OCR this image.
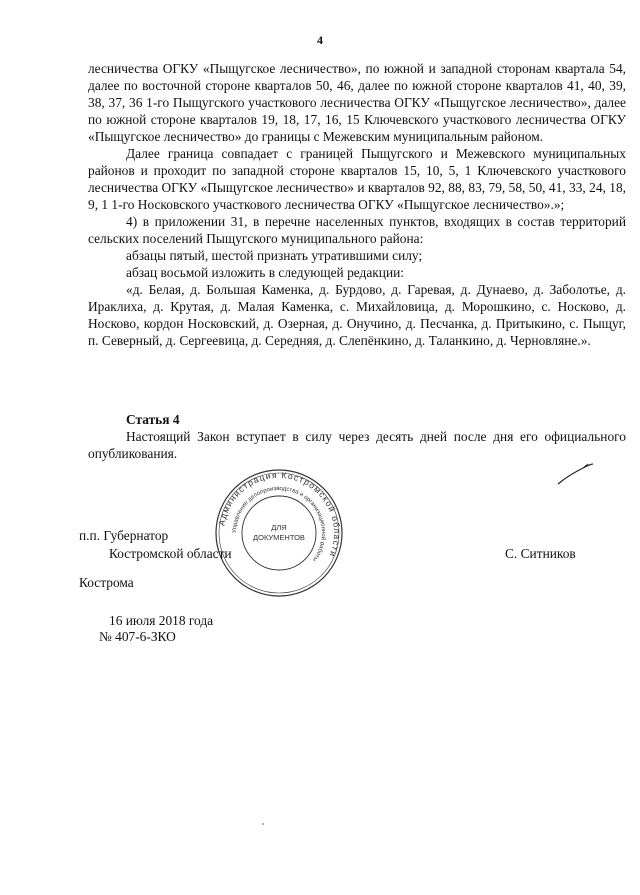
4

лесничества ОГКУ «Пыщугское лесничество», по южной и западной сторонам квартала 54, далее по восточной стороне кварталов 50, 46, далее по южной стороне кварталов 41, 40, 39, 38, 37, 36 1-го Пыщугского участкового лесничества ОГКУ «Пыщугское лесничество», далее по южной стороне кварталов 19, 18, 17, 16, 15 Ключевского участкового лесничества ОГКУ «Пыщугское лесничество» до границы с Межевским муниципальным районом.

Далее граница совпадает с границей Пыщугского и Межевского муниципальных районов и проходит по западной стороне кварталов 15, 10, 5, 1 Ключевского участкового лесничества ОГКУ «Пыщугское лесничество» и кварталов 92, 88, 83, 79, 58, 50, 41, 33, 24, 18, 9, 1 1-го Носковского участкового лесничества ОГКУ «Пыщугское лесничество».»;

4) в приложении 31, в перечне населенных пунктов, входящих в состав территорий сельских поселений Пыщугского муниципального района:

абзацы пятый, шестой признать утратившими силу;

абзац восьмой изложить в следующей редакции:

«д. Белая, д. Большая Каменка, д. Бурдово, д. Гаревая, д. Дунаево, д. Заболотье, д. Ираклиха, д. Крутая, д. Малая Каменка, с. Михайловица, д. Морошкино, с. Носково, д. Носково, кордон Носковский, д. Озерная, д. Онучино, д. Песчанка, д. Притыкино, с. Пыщуг, п. Северный, д. Сергеевица, д. Середняя, д. Слепёнкино, д. Таланкино, д. Черновляне.».

Статья 4

Настоящий Закон вступает в силу через десять дней после дня его официального опубликования.

Администрация Костромской области
Управление делопроизводства и организационной работы
ДЛЯ
ДОКУМЕНТОВ
п.п. Губернатор
Костромской области	С. Ситников
Кострома
16 июля 2018 года
№ 407-6-ЗКО
